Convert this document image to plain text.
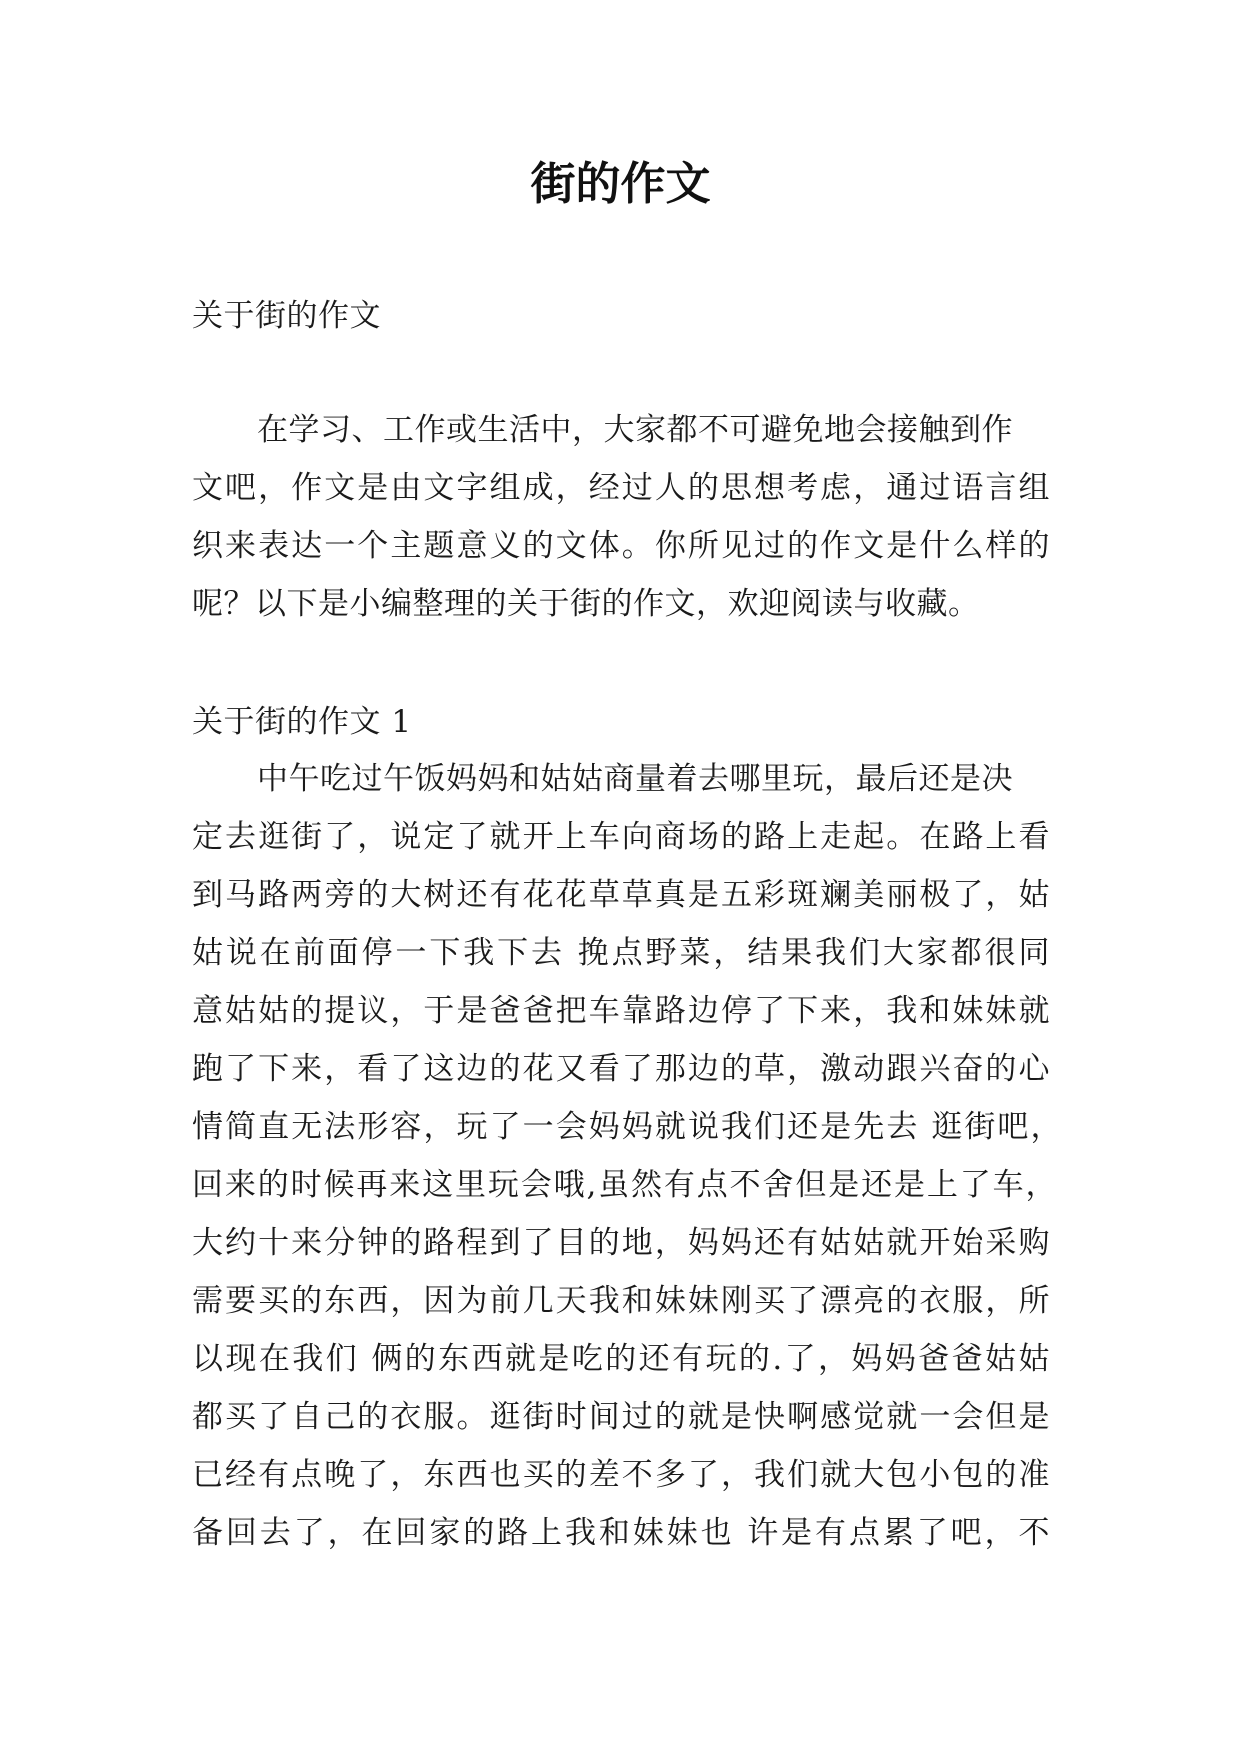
街的作文

关于街的作文

在学习、工作或生活中，大家都不可避免地会接触到作

文吧，作文是由文字组成，经过人的思想考虑，通过语言组

织来表达一个主题意义的文体。你所见过的作文是什么样的

呢？以下是小编整理的关于街的作文，欢迎阅读与收藏。

关于街的作文 1

中午吃过午饭妈妈和姑姑商量着去哪里玩，最后还是决

定去逛街了，说定了就开上车向商场的路上走起。在路上看

到马路两旁的大树还有花花草草真是五彩斑斓美丽极了，姑

姑说在前面停一下我下去 挽点野菜，结果我们大家都很同

意姑姑的提议，于是爸爸把车靠路边停了下来，我和妹妹就

跑了下来，看了这边的花又看了那边的草，激动跟兴奋的心

情简直无法形容，玩了一会妈妈就说我们还是先去 逛街吧，

回来的时候再来这里玩会哦,虽然有点不舍但是还是上了车，

大约十来分钟的路程到了目的地，妈妈还有姑姑就开始采购

需要买的东西，因为前几天我和妹妹刚买了漂亮的衣服，所

以现在我们 俩的东西就是吃的还有玩的.了，妈妈爸爸姑姑

都买了自己的衣服。逛街时间过的就是快啊感觉就一会但是

已经有点晚了，东西也买的差不多了，我们就大包小包的准

备回去了，在回家的路上我和妹妹也 许是有点累了吧，不
